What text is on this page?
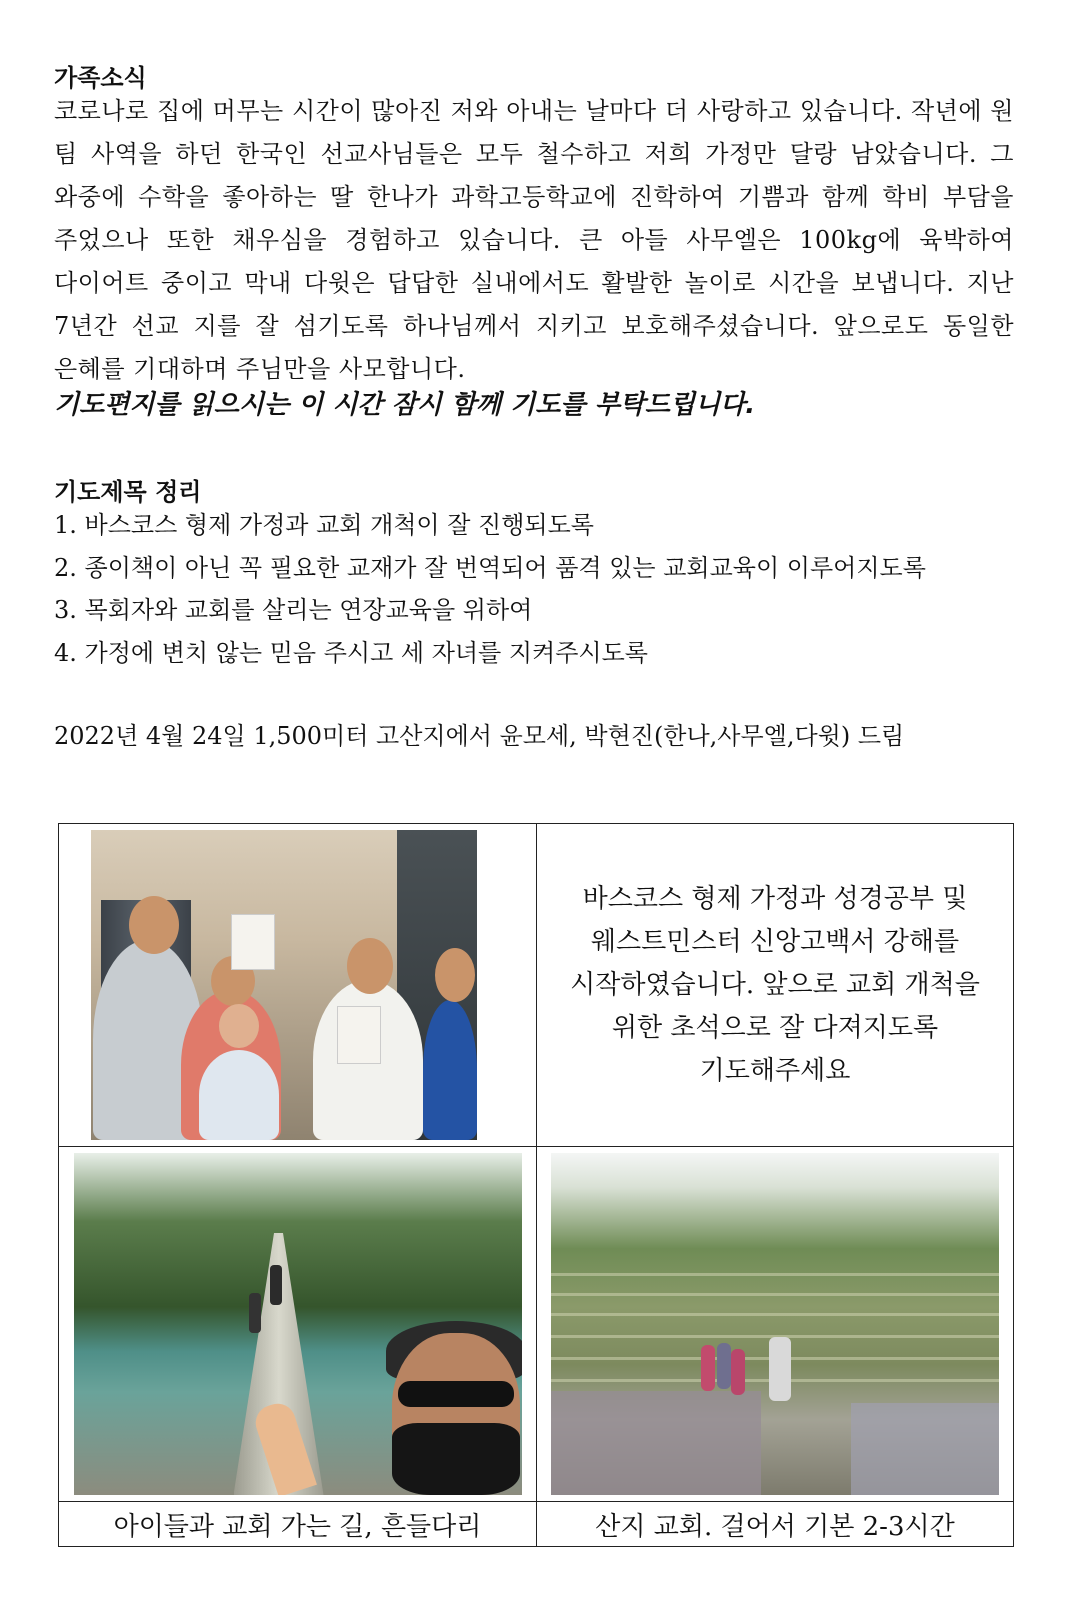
가족소식
코로나로 집에 머무는 시간이 많아진 저와 아내는 날마다 더 사랑하고 있습니다. 작년에 원 팀 사역을 하던 한국인 선교사님들은 모두 철수하고 저희 가정만 달랑 남았습니다. 그 와중에 수학을 좋아하는 딸 한나가 과학고등학교에 진학하여 기쁨과 함께 학비 부담을 주었으나 또한 채우심을 경험하고 있습니다. 큰 아들 사무엘은 100kg에 육박하여 다이어트 중이고 막내 다윗은 답답한 실내에서도 활발한 놀이로 시간을 보냅니다. 지난 7년간 선교 지를 잘 섬기도록 하나님께서 지키고 보호해주셨습니다. 앞으로도 동일한 은혜를 기대하며 주님만을 사모합니다.
기도편지를 읽으시는 이 시간 잠시 함께 기도를 부탁드립니다.
기도제목 정리
1. 바스코스 형제 가정과 교회 개척이 잘 진행되도록
2. 종이책이 아닌 꼭 필요한 교재가 잘 번역되어 품격 있는 교회교육이 이루어지도록
3. 목회자와 교회를 살리는 연장교육을 위하여
4. 가정에 변치 않는 믿음 주시고 세 자녀를 지켜주시도록
2022년 4월 24일 1,500미터 고산지에서 윤모세, 박현진(한나,사무엘,다윗) 드림

	바스코스 형제 가정과 성경공부 및
웨스트민스터 신앙고백서 강해를
시작하였습니다. 앞으로 교회 개척을
위한 초석으로 잘 다져지도록
기도해주세요

아이들과 교회 가는 길, 흔들다리	산지 교회. 걸어서 기본 2-3시간
